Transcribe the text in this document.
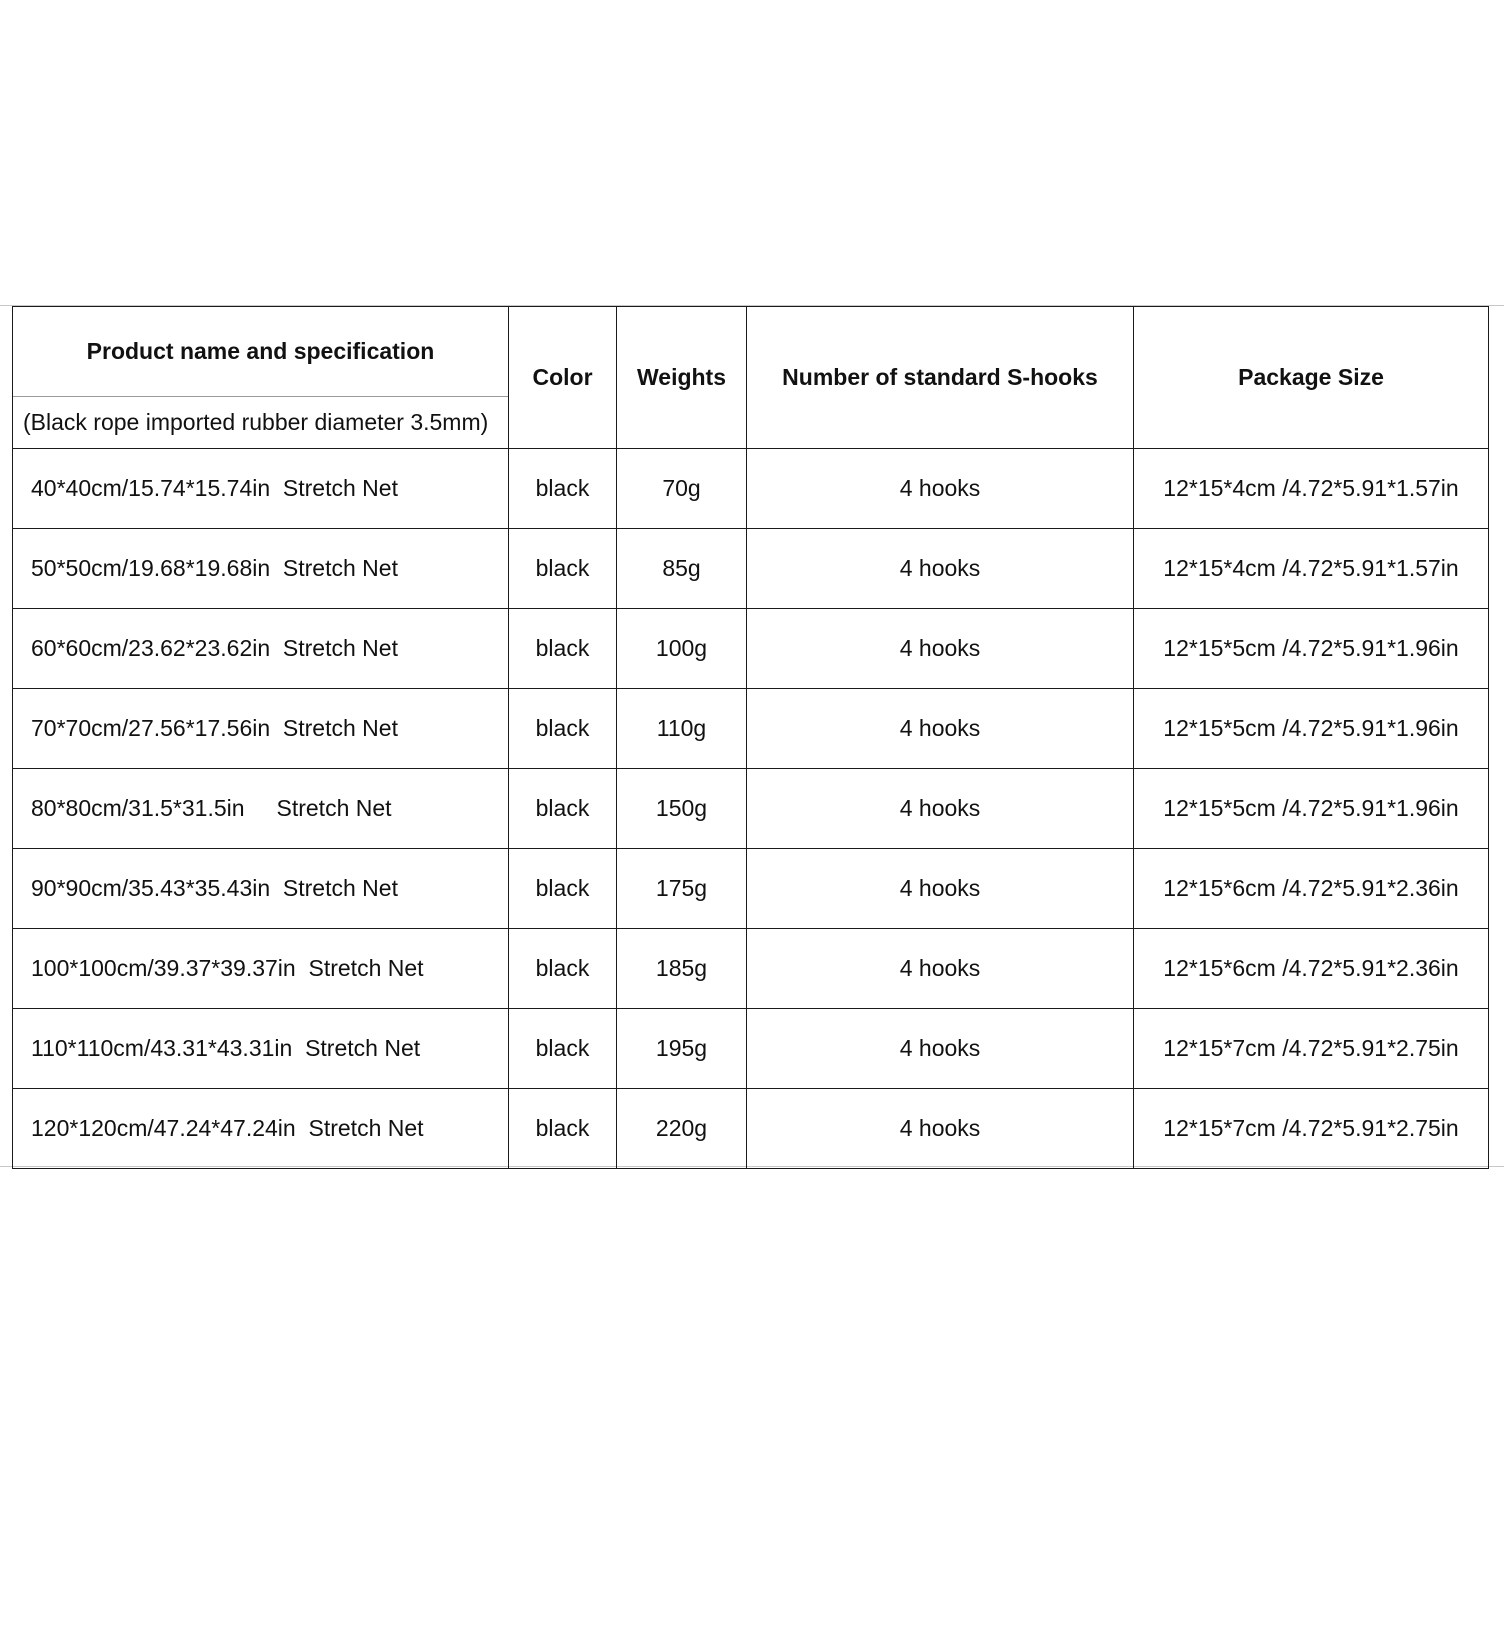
Product name and specification
(Black rope imported rubber diameter 3.5mm)	Color	Weights	Number of standard S-hooks	Package Size
40*40cm/15.74*15.74in  Stretch Net	black	70g	4 hooks	12*15*4cm /4.72*5.91*1.57in
50*50cm/19.68*19.68in  Stretch Net	black	85g	4 hooks	12*15*4cm /4.72*5.91*1.57in
60*60cm/23.62*23.62in  Stretch Net	black	100g	4 hooks	12*15*5cm /4.72*5.91*1.96in
70*70cm/27.56*17.56in  Stretch Net	black	110g	4 hooks	12*15*5cm /4.72*5.91*1.96in
80*80cm/31.5*31.5in     Stretch Net	black	150g	4 hooks	12*15*5cm /4.72*5.91*1.96in
90*90cm/35.43*35.43in  Stretch Net	black	175g	4 hooks	12*15*6cm /4.72*5.91*2.36in
100*100cm/39.37*39.37in  Stretch Net	black	185g	4 hooks	12*15*6cm /4.72*5.91*2.36in
110*110cm/43.31*43.31in  Stretch Net	black	195g	4 hooks	12*15*7cm /4.72*5.91*2.75in
120*120cm/47.24*47.24in  Stretch Net	black	220g	4 hooks	12*15*7cm /4.72*5.91*2.75in
